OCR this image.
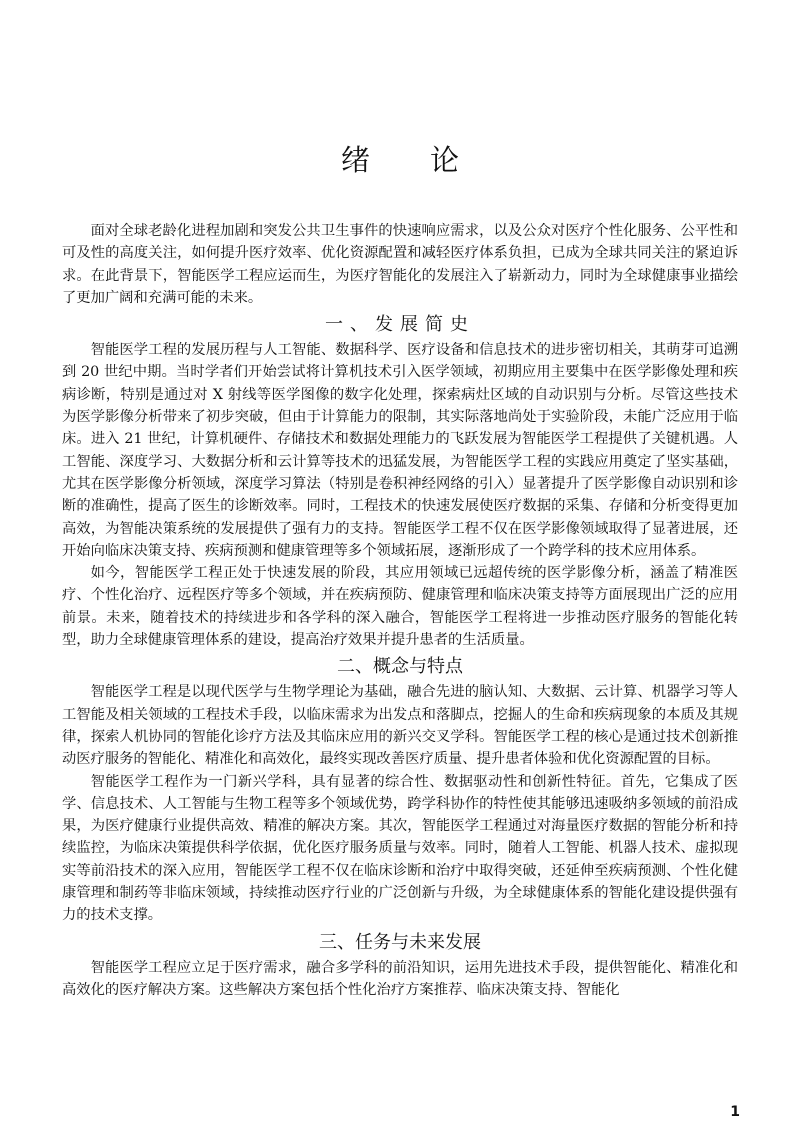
绪论

面对全球老龄化进程加剧和突发公共卫生事件的快速响应需求，以及公众对医疗个性化服务、公平性和可及性的高度关注，如何提升医疗效率、优化资源配置和减轻医疗体系负担，已成为全球共同关注的紧迫诉求。在此背景下，智能医学工程应运而生，为医疗智能化的发展注入了崭新动力，同时为全球健康事业描绘了更加广阔和充满可能的未来。

一、发展简史

智能医学工程的发展历程与人工智能、数据科学、医疗设备和信息技术的进步密切相关，其萌芽可追溯到 20 世纪中期。当时学者们开始尝试将计算机技术引入医学领域，初期应用主要集中在医学影像处理和疾病诊断，特别是通过对 X 射线等医学图像的数字化处理，探索病灶区域的自动识别与分析。尽管这些技术为医学影像分析带来了初步突破，但由于计算能力的限制，其实际落地尚处于实验阶段，未能广泛应用于临床。进入 21 世纪，计算机硬件、存储技术和数据处理能力的飞跃发展为智能医学工程提供了关键机遇。人工智能、深度学习、大数据分析和云计算等技术的迅猛发展，为智能医学工程的实践应用奠定了坚实基础，尤其在医学影像分析领域，深度学习算法（特别是卷积神经网络的引入）显著提升了医学影像自动识别和诊断的准确性，提高了医生的诊断效率。同时，工程技术的快速发展使医疗数据的采集、存储和分析变得更加高效，为智能决策系统的发展提供了强有力的支持。智能医学工程不仅在医学影像领域取得了显著进展，还开始向临床决策支持、疾病预测和健康管理等多个领域拓展，逐渐形成了一个跨学科的技术应用体系。

如今，智能医学工程正处于快速发展的阶段，其应用领域已远超传统的医学影像分析，涵盖了精准医疗、个性化治疗、远程医疗等多个领域，并在疾病预防、健康管理和临床决策支持等方面展现出广泛的应用前景。未来，随着技术的持续进步和各学科的深入融合，智能医学工程将进一步推动医疗服务的智能化转型，助力全球健康管理体系的建设，提高治疗效果并提升患者的生活质量。

二、概念与特点

智能医学工程是以现代医学与生物学理论为基础，融合先进的脑认知、大数据、云计算、机器学习等人工智能及相关领域的工程技术手段，以临床需求为出发点和落脚点，挖掘人的生命和疾病现象的本质及其规律，探索人机协同的智能化诊疗方法及其临床应用的新兴交叉学科。智能医学工程的核心是通过技术创新推动医疗服务的智能化、精准化和高效化，最终实现改善医疗质量、提升患者体验和优化资源配置的目标。

智能医学工程作为一门新兴学科，具有显著的综合性、数据驱动性和创新性特征。首先，它集成了医学、信息技术、人工智能与生物工程等多个领域优势，跨学科协作的特性使其能够迅速吸纳多领域的前沿成果，为医疗健康行业提供高效、精准的解决方案。其次，智能医学工程通过对海量医疗数据的智能分析和持续监控，为临床决策提供科学依据，优化医疗服务质量与效率。同时，随着人工智能、机器人技术、虚拟现实等前沿技术的深入应用，智能医学工程不仅在临床诊断和治疗中取得突破，还延伸至疾病预测、个性化健康管理和制药等非临床领域，持续推动医疗行业的广泛创新与升级，为全球健康体系的智能化建设提供强有力的技术支撑。

三、任务与未来发展

智能医学工程应立足于医疗需求，融合多学科的前沿知识，运用先进技术手段，提供智能化、精准化和高效化的医疗解决方案。这些解决方案包括个性化治疗方案推荐、临床决策支持、智能化

1
